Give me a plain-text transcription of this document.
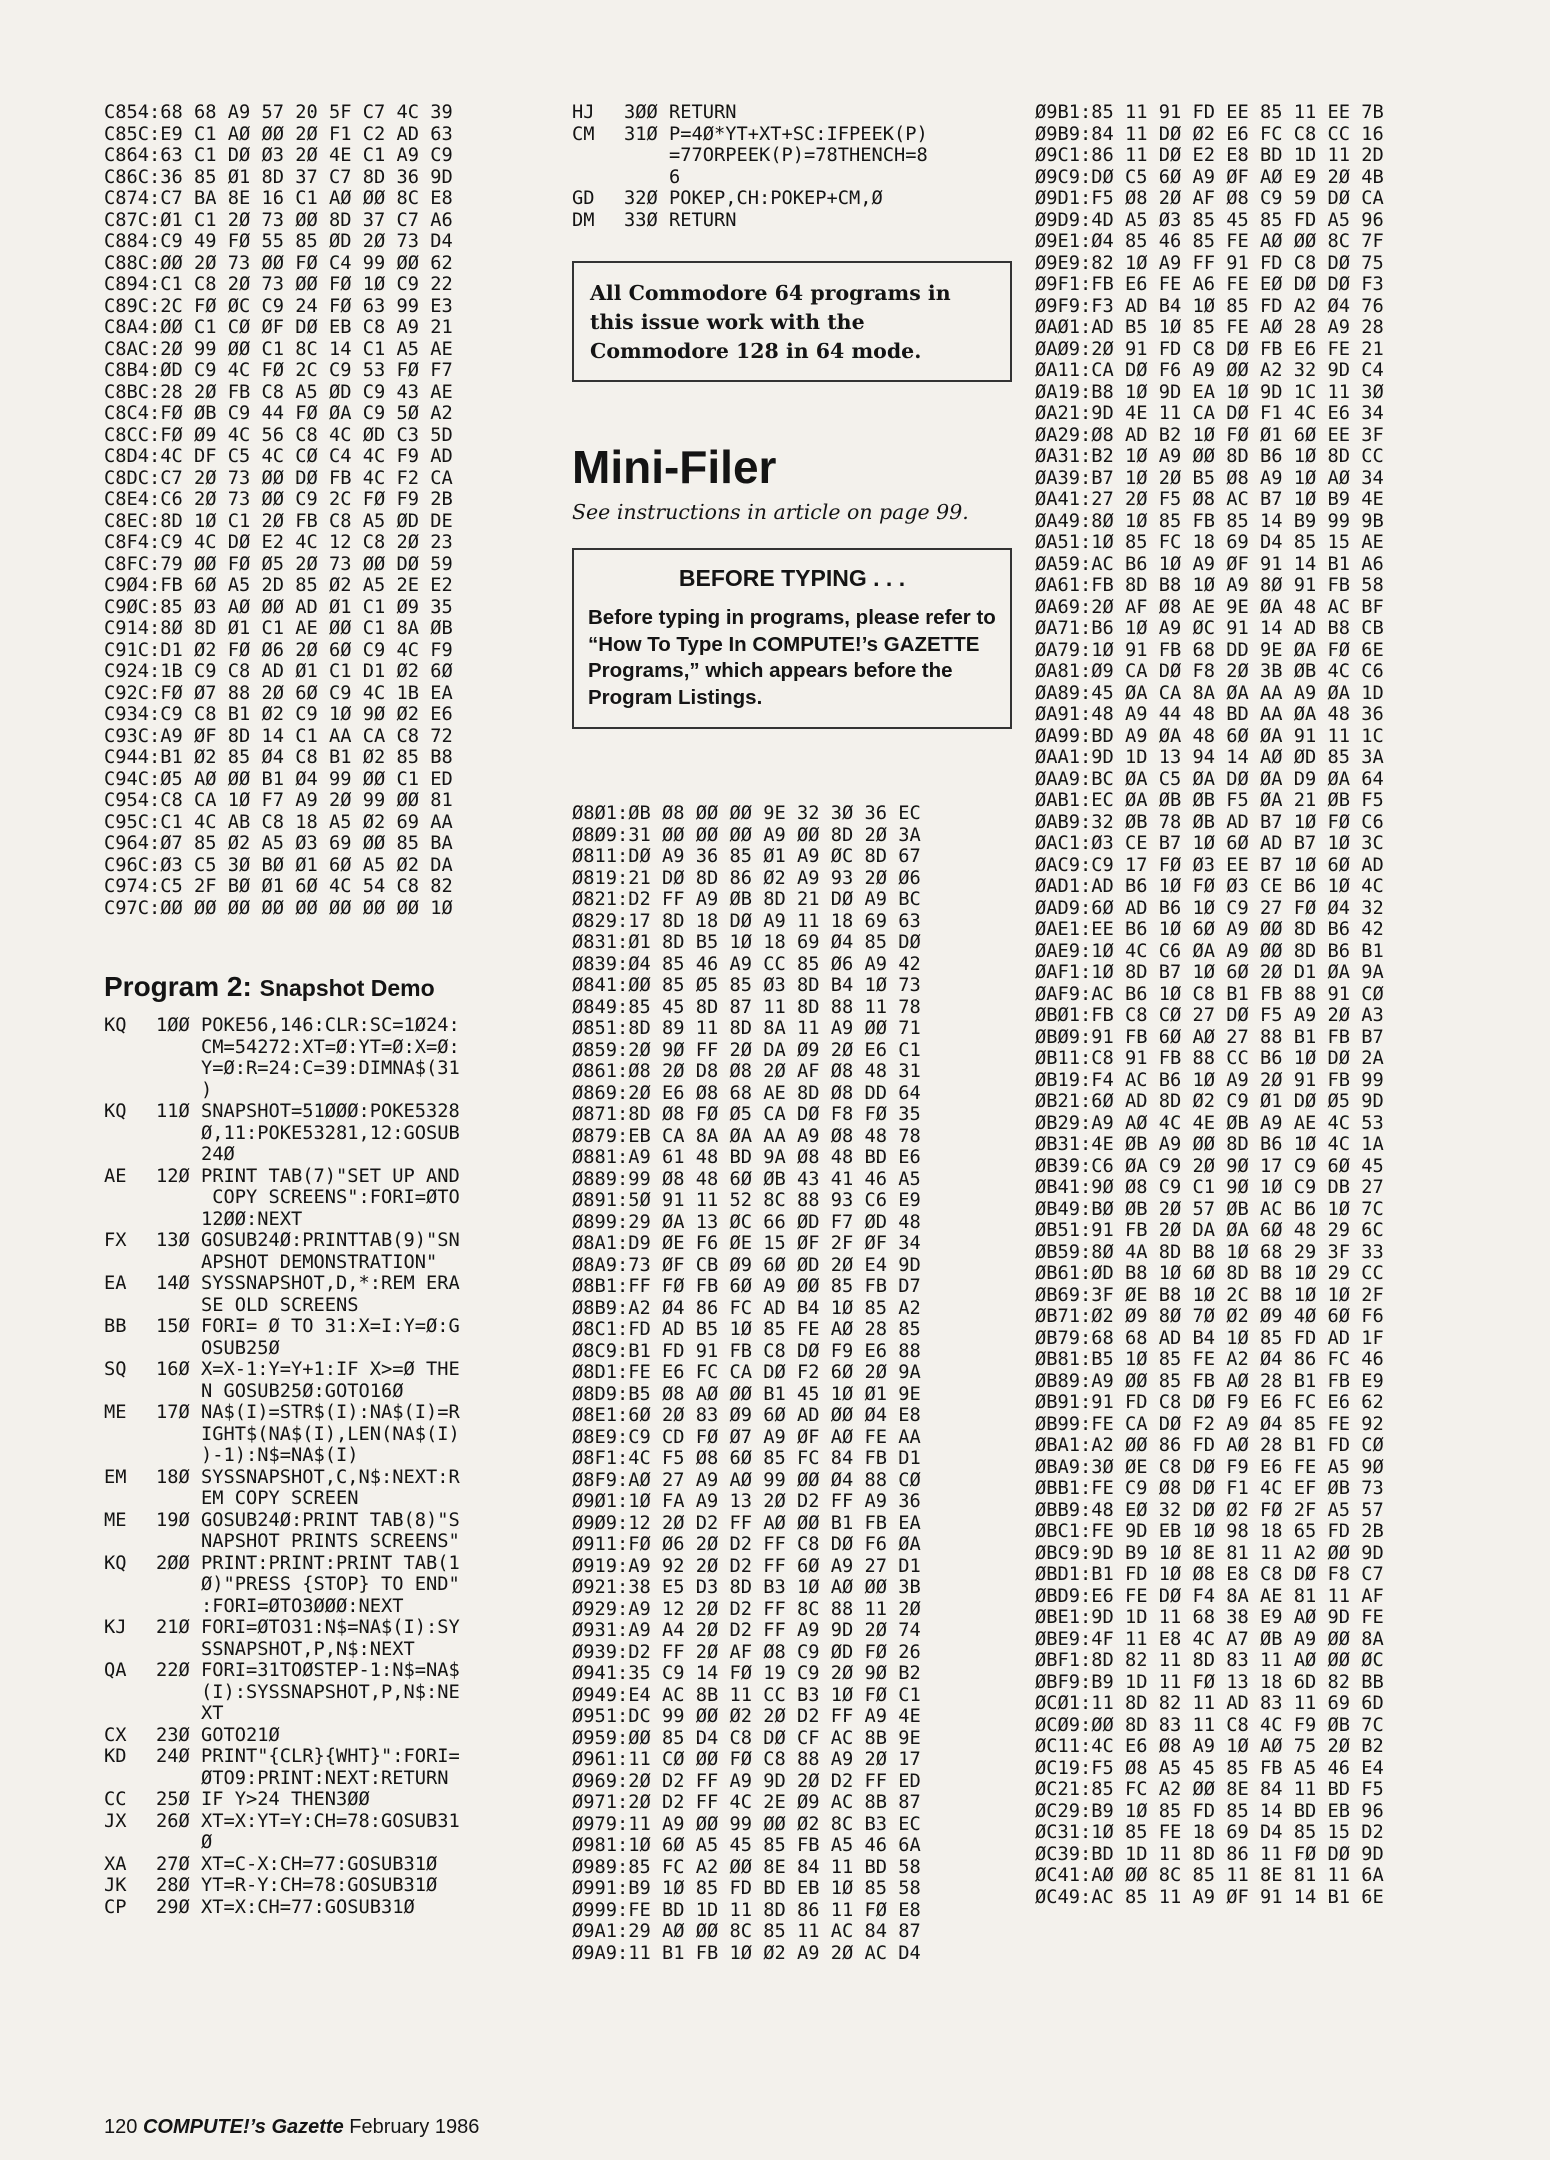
C854:68 68 A9 57 20 5F C7 4C 39
C85C:E9 C1 AØ ØØ 2Ø F1 C2 AD 63
C864:63 C1 DØ Ø3 2Ø 4E C1 A9 C9
C86C:36 85 Ø1 8D 37 C7 8D 36 9D
C874:C7 BA 8E 16 C1 AØ ØØ 8C E8
C87C:Ø1 C1 2Ø 73 ØØ 8D 37 C7 A6
C884:C9 49 FØ 55 85 ØD 2Ø 73 D4
C88C:ØØ 2Ø 73 ØØ FØ C4 99 ØØ 62
C894:C1 C8 2Ø 73 ØØ FØ 1Ø C9 22
C89C:2C FØ ØC C9 24 FØ 63 99 E3
C8A4:ØØ C1 CØ ØF DØ EB C8 A9 21
C8AC:2Ø 99 ØØ C1 8C 14 C1 A5 AE
C8B4:ØD C9 4C FØ 2C C9 53 FØ F7
C8BC:28 2Ø FB C8 A5 ØD C9 43 AE
C8C4:FØ ØB C9 44 FØ ØA C9 5Ø A2
C8CC:FØ Ø9 4C 56 C8 4C ØD C3 5D
C8D4:4C DF C5 4C CØ C4 4C F9 AD
C8DC:C7 2Ø 73 ØØ DØ FB 4C F2 CA
C8E4:C6 2Ø 73 ØØ C9 2C FØ F9 2B
C8EC:8D 1Ø C1 2Ø FB C8 A5 ØD DE
C8F4:C9 4C DØ E2 4C 12 C8 2Ø 23
C8FC:79 ØØ FØ Ø5 2Ø 73 ØØ DØ 59
C9Ø4:FB 6Ø A5 2D 85 Ø2 A5 2E E2
C9ØC:85 Ø3 AØ ØØ AD Ø1 C1 Ø9 35
C914:8Ø 8D Ø1 C1 AE ØØ C1 8A ØB
C91C:D1 Ø2 FØ Ø6 2Ø 6Ø C9 4C F9
C924:1B C9 C8 AD Ø1 C1 D1 Ø2 6Ø
C92C:FØ Ø7 88 2Ø 6Ø C9 4C 1B EA
C934:C9 C8 B1 Ø2 C9 1Ø 9Ø Ø2 E6
C93C:A9 ØF 8D 14 C1 AA CA C8 72
C944:B1 Ø2 85 Ø4 C8 B1 Ø2 85 B8
C94C:Ø5 AØ ØØ B1 Ø4 99 ØØ C1 ED
C954:C8 CA 1Ø F7 A9 2Ø 99 ØØ 81
C95C:C1 4C AB C8 18 A5 Ø2 69 AA
C964:Ø7 85 Ø2 A5 Ø3 69 ØØ 85 BA
C96C:Ø3 C5 3Ø BØ Ø1 6Ø A5 Ø2 DA
C974:C5 2F BØ Ø1 6Ø 4C 54 C8 82
C97C:ØØ ØØ ØØ ØØ ØØ ØØ ØØ ØØ 1Ø
Program 2: Snapshot Demo
KQ	1ØØ POKE56,146:CLR:SC=1Ø24:
CM=54272:XT=Ø:YT=Ø:X=Ø:
Y=Ø:R=24:C=39:DIMNA$(31
)
KQ	11Ø SNAPSHOT=51ØØØ:POKE5328
Ø,11:POKE53281,12:GOSUB
24Ø
AE	12Ø PRINT TAB(7)"SET UP AND
COPY SCREENS":FORI=ØTO
12ØØ:NEXT
FX	13Ø GOSUB24Ø:PRINTTAB(9)"SN
APSHOT DEMONSTRATION"
EA	14Ø SYSSNAPSHOT,D,*:REM ERA
SE OLD SCREENS
BB	15Ø FORI= Ø TO 31:X=I:Y=Ø:G
OSUB25Ø
SQ	16Ø X=X-1:Y=Y+1:IF X>=Ø THE
N GOSUB25Ø:GOTO16Ø
ME	17Ø NA$(I)=STR$(I):NA$(I)=R
IGHT$(NA$(I),LEN(NA$(I)
)-1):N$=NA$(I)
EM	18Ø SYSSNAPSHOT,C,N$:NEXT:R
EM COPY SCREEN
ME	19Ø GOSUB24Ø:PRINT TAB(8)"S
NAPSHOT PRINTS SCREENS"
KQ	2ØØ PRINT:PRINT:PRINT TAB(1
Ø)"PRESS {STOP} TO END"
:FORI=ØTO3ØØØ:NEXT
KJ	21Ø FORI=ØTO31:N$=NA$(I):SY
SSNAPSHOT,P,N$:NEXT
QA	22Ø FORI=31TOØSTEP-1:N$=NA$
(I):SYSSNAPSHOT,P,N$:NE
XT
CX	23Ø GOTO21Ø
KD	24Ø PRINT"{CLR}{WHT}":FORI=
ØTO9:PRINT:NEXT:RETURN
CC	25Ø IF Y>24 THEN3ØØ
JX	26Ø XT=X:YT=Y:CH=78:GOSUB31
Ø
XA	27Ø XT=C-X:CH=77:GOSUB31Ø
JK	28Ø YT=R-Y:CH=78:GOSUB31Ø
CP	29Ø XT=X:CH=77:GOSUB31Ø
HJ	3ØØ RETURN
CM	31Ø P=4Ø*YT+XT+SC:IFPEEK(P)
=77ORPEEK(P)=78THENCH=8
6
GD	32Ø POKEP,CH:POKEP+CM,Ø
DM	33Ø RETURN
All Commodore 64 programs in this issue work with the Commodore 128 in 64 mode.
Mini-Filer
See instructions in article on page 99.
BEFORE TYPING . . .
Before typing in programs, please refer to “How To Type In COMPUTE!’s GAZETTE Programs,” which appears before the Program Listings.
Ø8Ø1:ØB Ø8 ØØ ØØ 9E 32 3Ø 36 EC
Ø8Ø9:31 ØØ ØØ ØØ A9 ØØ 8D 2Ø 3A
Ø811:DØ A9 36 85 Ø1 A9 ØC 8D 67
Ø819:21 DØ 8D 86 Ø2 A9 93 2Ø Ø6
Ø821:D2 FF A9 ØB 8D 21 DØ A9 BC
Ø829:17 8D 18 DØ A9 11 18 69 63
Ø831:Ø1 8D B5 1Ø 18 69 Ø4 85 DØ
Ø839:Ø4 85 46 A9 CC 85 Ø6 A9 42
Ø841:ØØ 85 Ø5 85 Ø3 8D B4 1Ø 73
Ø849:85 45 8D 87 11 8D 88 11 78
Ø851:8D 89 11 8D 8A 11 A9 ØØ 71
Ø859:2Ø 9Ø FF 2Ø DA Ø9 2Ø E6 C1
Ø861:Ø8 2Ø D8 Ø8 2Ø AF Ø8 48 31
Ø869:2Ø E6 Ø8 68 AE 8D Ø8 DD 64
Ø871:8D Ø8 FØ Ø5 CA DØ F8 FØ 35
Ø879:EB CA 8A ØA AA A9 Ø8 48 78
Ø881:A9 61 48 BD 9A Ø8 48 BD E6
Ø889:99 Ø8 48 6Ø ØB 43 41 46 A5
Ø891:5Ø 91 11 52 8C 88 93 C6 E9
Ø899:29 ØA 13 ØC 66 ØD F7 ØD 48
Ø8A1:D9 ØE F6 ØE 15 ØF 2F ØF 34
Ø8A9:73 ØF CB Ø9 6Ø ØD 2Ø E4 9D
Ø8B1:FF FØ FB 6Ø A9 ØØ 85 FB D7
Ø8B9:A2 Ø4 86 FC AD B4 1Ø 85 A2
Ø8C1:FD AD B5 1Ø 85 FE AØ 28 85
Ø8C9:B1 FD 91 FB C8 DØ F9 E6 88
Ø8D1:FE E6 FC CA DØ F2 6Ø 2Ø 9A
Ø8D9:B5 Ø8 AØ ØØ B1 45 1Ø Ø1 9E
Ø8E1:6Ø 2Ø 83 Ø9 6Ø AD ØØ Ø4 E8
Ø8E9:C9 CD FØ Ø7 A9 ØF AØ FE AA
Ø8F1:4C F5 Ø8 6Ø 85 FC 84 FB D1
Ø8F9:AØ 27 A9 AØ 99 ØØ Ø4 88 CØ
Ø9Ø1:1Ø FA A9 13 2Ø D2 FF A9 36
Ø9Ø9:12 2Ø D2 FF AØ ØØ B1 FB EA
Ø911:FØ Ø6 2Ø D2 FF C8 DØ F6 ØA
Ø919:A9 92 2Ø D2 FF 6Ø A9 27 D1
Ø921:38 E5 D3 8D B3 1Ø AØ ØØ 3B
Ø929:A9 12 2Ø D2 FF 8C 88 11 2Ø
Ø931:A9 A4 2Ø D2 FF A9 9D 2Ø 74
Ø939:D2 FF 2Ø AF Ø8 C9 ØD FØ 26
Ø941:35 C9 14 FØ 19 C9 2Ø 9Ø B2
Ø949:E4 AC 8B 11 CC B3 1Ø FØ C1
Ø951:DC 99 ØØ Ø2 2Ø D2 FF A9 4E
Ø959:ØØ 85 D4 C8 DØ CF AC 8B 9E
Ø961:11 CØ ØØ FØ C8 88 A9 2Ø 17
Ø969:2Ø D2 FF A9 9D 2Ø D2 FF ED
Ø971:2Ø D2 FF 4C 2E Ø9 AC 8B 87
Ø979:11 A9 ØØ 99 ØØ Ø2 8C B3 EC
Ø981:1Ø 6Ø A5 45 85 FB A5 46 6A
Ø989:85 FC A2 ØØ 8E 84 11 BD 58
Ø991:B9 1Ø 85 FD BD EB 1Ø 85 58
Ø999:FE BD 1D 11 8D 86 11 FØ E8
Ø9A1:29 AØ ØØ 8C 85 11 AC 84 87
Ø9A9:11 B1 FB 1Ø Ø2 A9 2Ø AC D4
Ø9B1:85 11 91 FD EE 85 11 EE 7B
Ø9B9:84 11 DØ Ø2 E6 FC C8 CC 16
Ø9C1:86 11 DØ E2 E8 BD 1D 11 2D
Ø9C9:DØ C5 6Ø A9 ØF AØ E9 2Ø 4B
Ø9D1:F5 Ø8 2Ø AF Ø8 C9 59 DØ CA
Ø9D9:4D A5 Ø3 85 45 85 FD A5 96
Ø9E1:Ø4 85 46 85 FE AØ ØØ 8C 7F
Ø9E9:82 1Ø A9 FF 91 FD C8 DØ 75
Ø9F1:FB E6 FE A6 FE EØ DØ DØ F3
Ø9F9:F3 AD B4 1Ø 85 FD A2 Ø4 76
ØAØ1:AD B5 1Ø 85 FE AØ 28 A9 28
ØAØ9:2Ø 91 FD C8 DØ FB E6 FE 21
ØA11:CA DØ F6 A9 ØØ A2 32 9D C4
ØA19:B8 1Ø 9D EA 1Ø 9D 1C 11 3Ø
ØA21:9D 4E 11 CA DØ F1 4C E6 34
ØA29:Ø8 AD B2 1Ø FØ Ø1 6Ø EE 3F
ØA31:B2 1Ø A9 ØØ 8D B6 1Ø 8D CC
ØA39:B7 1Ø 2Ø B5 Ø8 A9 1Ø AØ 34
ØA41:27 2Ø F5 Ø8 AC B7 1Ø B9 4E
ØA49:8Ø 1Ø 85 FB 85 14 B9 99 9B
ØA51:1Ø 85 FC 18 69 D4 85 15 AE
ØA59:AC B6 1Ø A9 ØF 91 14 B1 A6
ØA61:FB 8D B8 1Ø A9 8Ø 91 FB 58
ØA69:2Ø AF Ø8 AE 9E ØA 48 AC BF
ØA71:B6 1Ø A9 ØC 91 14 AD B8 CB
ØA79:1Ø 91 FB 68 DD 9E ØA FØ 6E
ØA81:Ø9 CA DØ F8 2Ø 3B ØB 4C C6
ØA89:45 ØA CA 8A ØA AA A9 ØA 1D
ØA91:48 A9 44 48 BD AA ØA 48 36
ØA99:BD A9 ØA 48 6Ø ØA 91 11 1C
ØAA1:9D 1D 13 94 14 AØ ØD 85 3A
ØAA9:BC ØA C5 ØA DØ ØA D9 ØA 64
ØAB1:EC ØA ØB ØB F5 ØA 21 ØB F5
ØAB9:32 ØB 78 ØB AD B7 1Ø FØ C6
ØAC1:Ø3 CE B7 1Ø 6Ø AD B7 1Ø 3C
ØAC9:C9 17 FØ Ø3 EE B7 1Ø 6Ø AD
ØAD1:AD B6 1Ø FØ Ø3 CE B6 1Ø 4C
ØAD9:6Ø AD B6 1Ø C9 27 FØ Ø4 32
ØAE1:EE B6 1Ø 6Ø A9 ØØ 8D B6 42
ØAE9:1Ø 4C C6 ØA A9 ØØ 8D B6 B1
ØAF1:1Ø 8D B7 1Ø 6Ø 2Ø D1 ØA 9A
ØAF9:AC B6 1Ø C8 B1 FB 88 91 CØ
ØBØ1:FB C8 CØ 27 DØ F5 A9 2Ø A3
ØBØ9:91 FB 6Ø AØ 27 88 B1 FB B7
ØB11:C8 91 FB 88 CC B6 1Ø DØ 2A
ØB19:F4 AC B6 1Ø A9 2Ø 91 FB 99
ØB21:6Ø AD 8D Ø2 C9 Ø1 DØ Ø5 9D
ØB29:A9 AØ 4C 4E ØB A9 AE 4C 53
ØB31:4E ØB A9 ØØ 8D B6 1Ø 4C 1A
ØB39:C6 ØA C9 2Ø 9Ø 17 C9 6Ø 45
ØB41:9Ø Ø8 C9 C1 9Ø 1Ø C9 DB 27
ØB49:BØ ØB 2Ø 57 ØB AC B6 1Ø 7C
ØB51:91 FB 2Ø DA ØA 6Ø 48 29 6C
ØB59:8Ø 4A 8D B8 1Ø 68 29 3F 33
ØB61:ØD B8 1Ø 6Ø 8D B8 1Ø 29 CC
ØB69:3F ØE B8 1Ø 2C B8 1Ø 1Ø 2F
ØB71:Ø2 Ø9 8Ø 7Ø Ø2 Ø9 4Ø 6Ø F6
ØB79:68 68 AD B4 1Ø 85 FD AD 1F
ØB81:B5 1Ø 85 FE A2 Ø4 86 FC 46
ØB89:A9 ØØ 85 FB AØ 28 B1 FB E9
ØB91:91 FD C8 DØ F9 E6 FC E6 62
ØB99:FE CA DØ F2 A9 Ø4 85 FE 92
ØBA1:A2 ØØ 86 FD AØ 28 B1 FD CØ
ØBA9:3Ø ØE C8 DØ F9 E6 FE A5 9Ø
ØBB1:FE C9 Ø8 DØ F1 4C EF ØB 73
ØBB9:48 EØ 32 DØ Ø2 FØ 2F A5 57
ØBC1:FE 9D EB 1Ø 98 18 65 FD 2B
ØBC9:9D B9 1Ø 8E 81 11 A2 ØØ 9D
ØBD1:B1 FD 1Ø Ø8 E8 C8 DØ F8 C7
ØBD9:E6 FE DØ F4 8A AE 81 11 AF
ØBE1:9D 1D 11 68 38 E9 AØ 9D FE
ØBE9:4F 11 E8 4C A7 ØB A9 ØØ 8A
ØBF1:8D 82 11 8D 83 11 AØ ØØ ØC
ØBF9:B9 1D 11 FØ 13 18 6D 82 BB
ØCØ1:11 8D 82 11 AD 83 11 69 6D
ØCØ9:ØØ 8D 83 11 C8 4C F9 ØB 7C
ØC11:4C E6 Ø8 A9 1Ø AØ 75 2Ø B2
ØC19:F5 Ø8 A5 45 85 FB A5 46 E4
ØC21:85 FC A2 ØØ 8E 84 11 BD F5
ØC29:B9 1Ø 85 FD 85 14 BD EB 96
ØC31:1Ø 85 FE 18 69 D4 85 15 D2
ØC39:BD 1D 11 8D 86 11 FØ DØ 9D
ØC41:AØ ØØ 8C 85 11 8E 81 11 6A
ØC49:AC 85 11 A9 ØF 91 14 B1 6E
120 COMPUTE!’s Gazette February 1986
